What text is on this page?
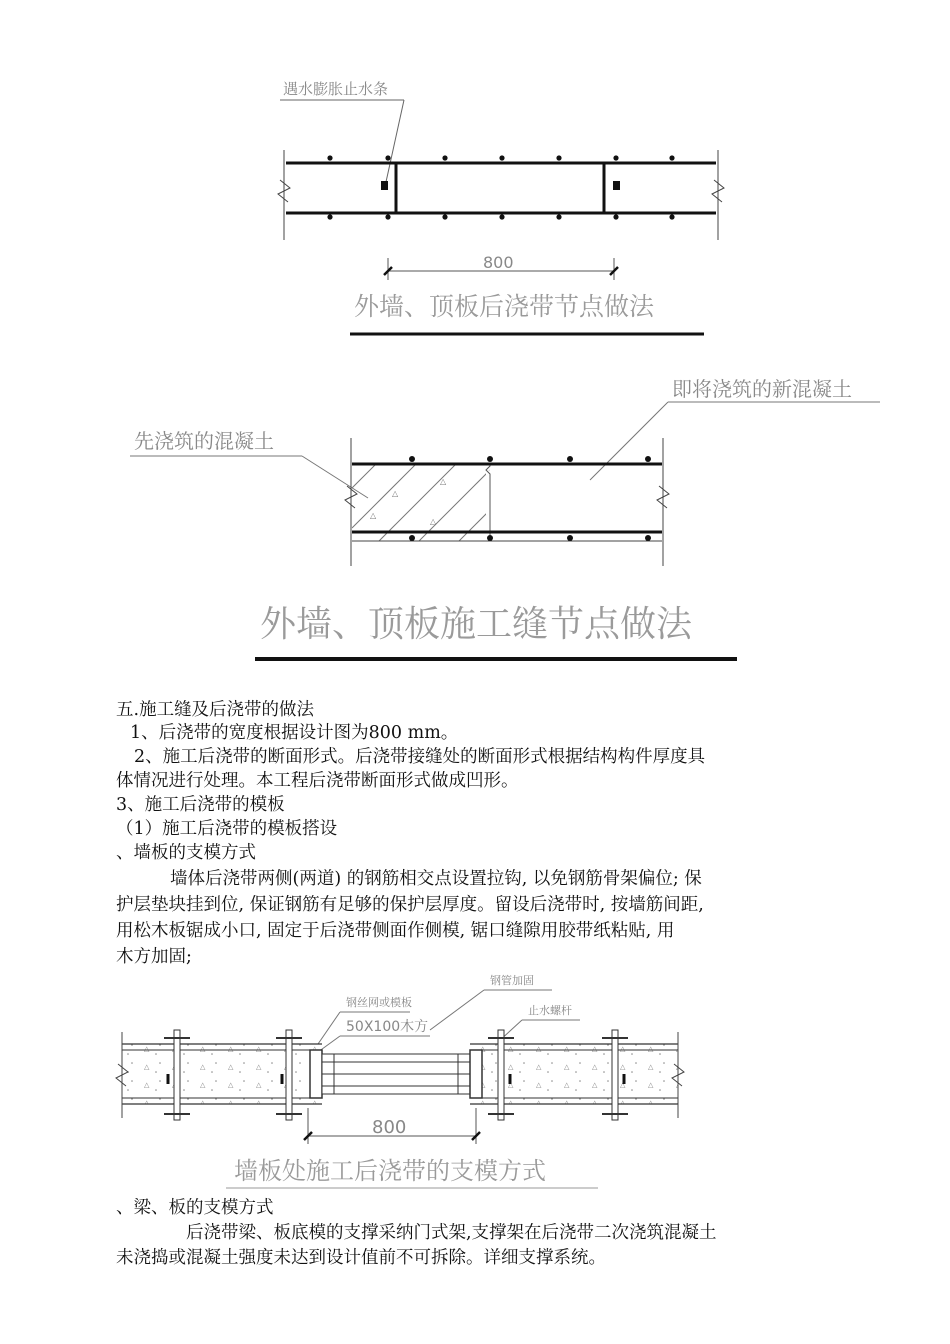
遇水膨胀止水条
800
外墙、顶板后浇带节点做法
即将浇筑的新混凝土
先浇筑的混凝土
△
△
△
△
外墙、顶板施工缝节点做法
五.施工缝及后浇带的做法
1、后浇带的宽度根据设计图为800 mm。
2、施工后浇带的断面形式。后浇带接缝处的断面形式根据结构构件厚度具
体情况进行处理。本工程后浇带断面形式做成凹形。
3、施工后浇带的模板
（1）施工后浇带的模板搭设
、墙板的支模方式
墙体后浇带两侧(两道) 的钢筋相交点设置拉钩, 以免钢筋骨架偏位; 保
护层垫块挂到位, 保证钢筋有足够的保护层厚度。留设后浇带时, 按墙筋间距,
用松木板锯成小口, 固定于后浇带侧面作侧模, 锯口缝隙用胶带纸粘贴, 用
木方加固;
钢管加固
钢丝网或模板
止水螺杆
50X100木方
800
墙板处施工后浇带的支模方式
、梁、板的支模方式
后浇带梁、板底模的支撑采纳门式架,支撑架在后浇带二次浇筑混凝土
未浇捣或混凝土强度未达到设计值前不可拆除。详细支撑系统。
